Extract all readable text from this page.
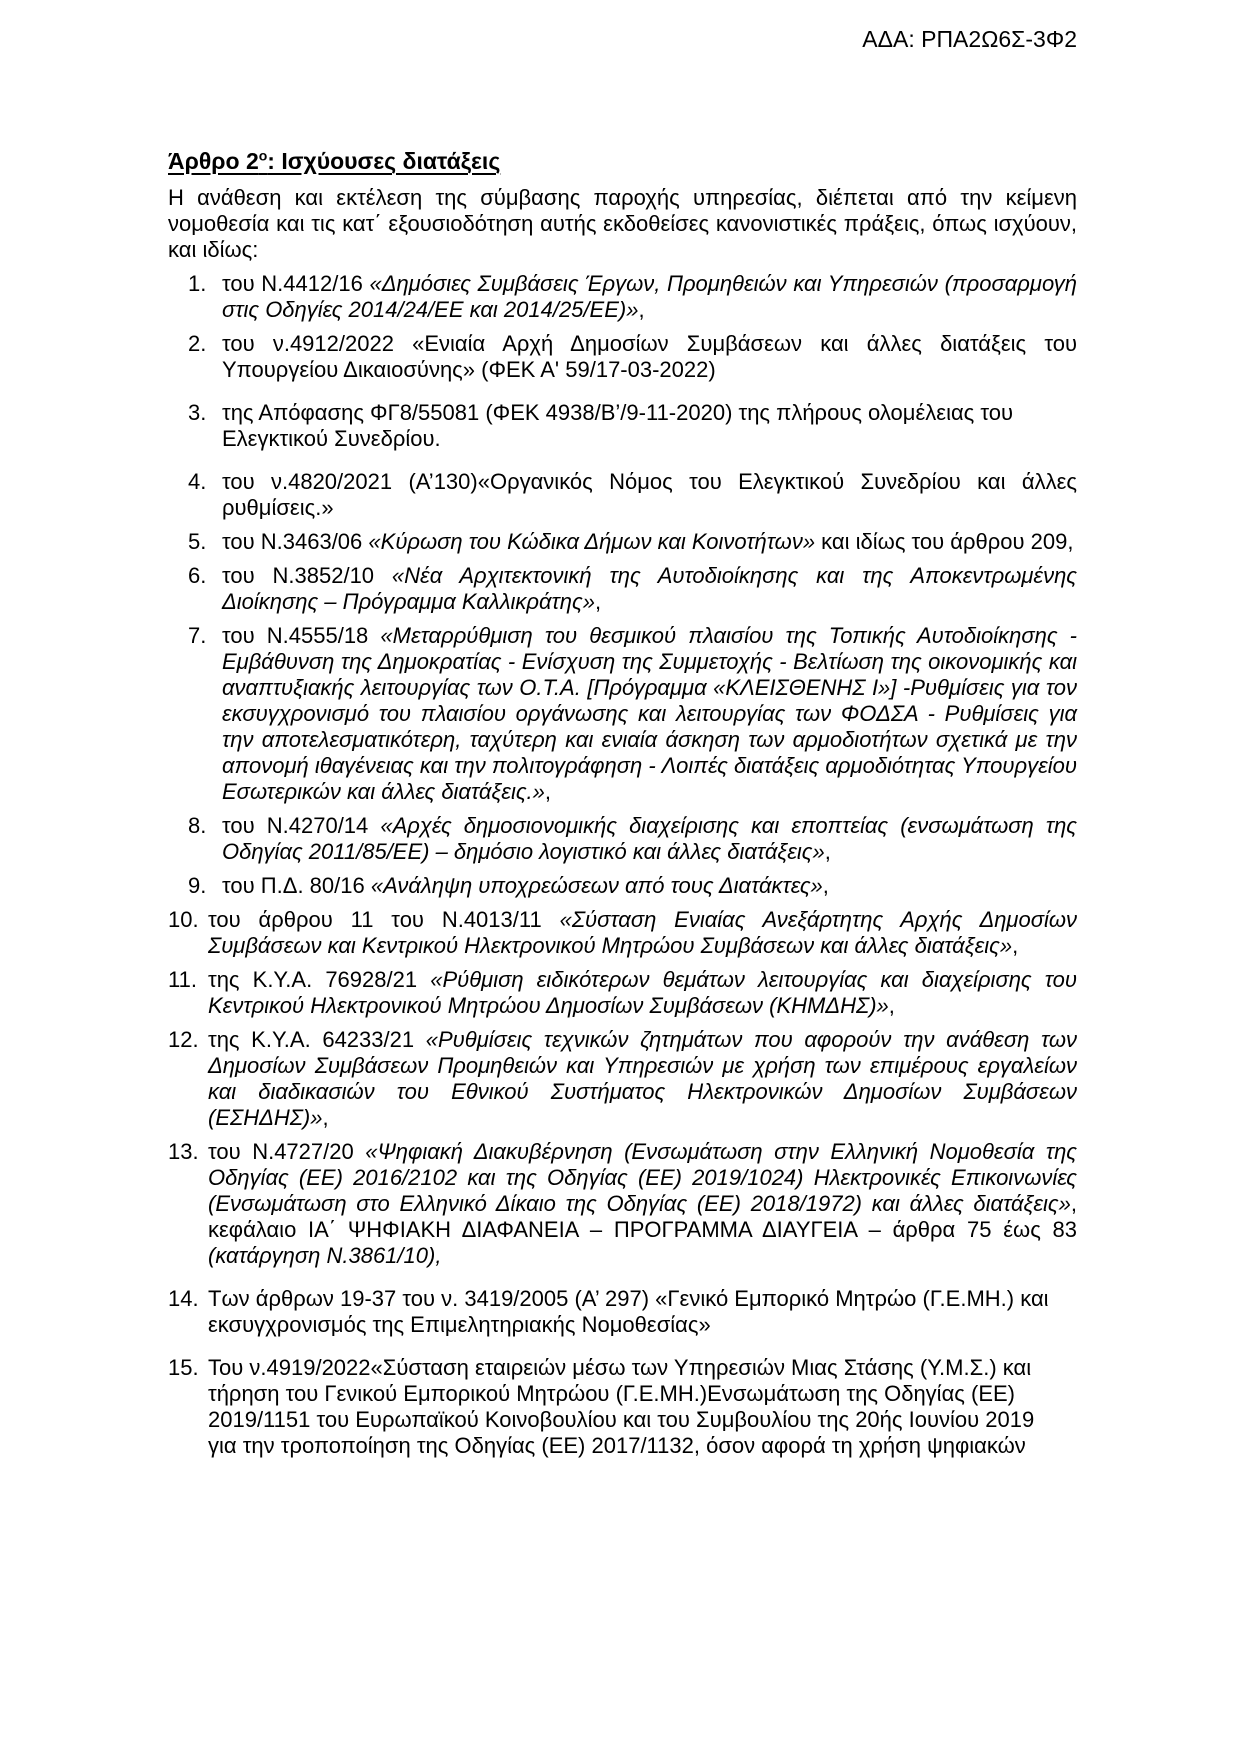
ΑΔΑ: ΡΠΑ2Ω6Σ-3Φ2
Άρθρο $2^o$: Ισχύουσες διατάξεις

Η ανάθεση και εκτέλεση της σύμβασης παροχής υπηρεσίας, διέπεται από την κείμενη νομοθεσία και τις κατ΄ εξουσιοδότηση αυτής εκδοθείσες κανονιστικές πράξεις, όπως ισχύουν, και ιδίως:

1. του Ν.4412/16 «Δημόσιες Συμβάσεις Έργων, Προμηθειών και Υπηρεσιών (προσαρμογή στις Οδηγίες 2014/24/ΕΕ και 2014/25/ΕΕ)»,
2. του ν.4912/2022 «Ενιαία Αρχή Δημοσίων Συμβάσεων και άλλες διατάξεις του Υπουργείου Δικαιοσύνης» (ΦΕΚ Α' 59/17-03-2022)
3. της Απόφασης ΦΓ8/55081 (ΦΕΚ 4938/Β’/9-11-2020) της πλήρους ολομέλειας του
Ελεγκτικού Συνεδρίου.
4. του ν.4820/2021 (Α’130)«Οργανικός Νόμος του Ελεγκτικού Συνεδρίου και άλλες ρυθμίσεις.»
5. του Ν.3463/06 «Κύρωση του Κώδικα Δήμων και Κοινοτήτων» και ιδίως του άρθρου 209,
6. του Ν.3852/10 «Νέα Αρχιτεκτονική της Αυτοδιοίκησης και της Αποκεντρωμένης Διοίκησης – Πρόγραμμα Καλλικράτης»,
7. του Ν.4555/18 «Μεταρρύθμιση του θεσμικού πλαισίου της Τοπικής Αυτοδιοίκησης - Εμβάθυνση της Δημοκρατίας - Ενίσχυση της Συμμετοχής - Βελτίωση της οικονομικής και αναπτυξιακής λειτουργίας των Ο.Τ.Α. [Πρόγραμμα «ΚΛΕΙΣΘΕΝΗΣ Ι»] -Ρυθμίσεις για τον εκσυγχρονισμό του πλαισίου οργάνωσης και λειτουργίας των ΦΟΔΣΑ - Ρυθμίσεις για την αποτελεσματικότερη, ταχύτερη και ενιαία άσκηση των αρμοδιοτήτων σχετικά με την απονομή ιθαγένειας και την πολιτογράφηση - Λοιπές διατάξεις αρμοδιότητας Υπουργείου Εσωτερικών και άλλες διατάξεις.»,
8. του Ν.4270/14 «Αρχές δημοσιονομικής διαχείρισης και εποπτείας (ενσωμάτωση της Οδηγίας 2011/85/ΕΕ) – δημόσιο λογιστικό και άλλες διατάξεις»,
9. του Π.Δ. 80/16 «Ανάληψη υποχρεώσεων από τους Διατάκτες»,
10. του άρθρου 11 του Ν.4013/11 «Σύσταση Ενιαίας Ανεξάρτητης Αρχής Δημοσίων Συμβάσεων και Κεντρικού Ηλεκτρονικού Μητρώου Συμβάσεων και άλλες διατάξεις»,
11. της Κ.Υ.Α. 76928/21 «Ρύθμιση ειδικότερων θεμάτων λειτουργίας και διαχείρισης του Κεντρικού Ηλεκτρονικού Μητρώου Δημοσίων Συμβάσεων (ΚΗΜΔΗΣ)»,
12. της Κ.Υ.Α. 64233/21 «Ρυθμίσεις τεχνικών ζητημάτων που αφορούν την ανάθεση των Δημοσίων Συμβάσεων Προμηθειών και Υπηρεσιών με χρήση των επιμέρους εργαλείων και διαδικασιών του Εθνικού Συστήματος Ηλεκτρονικών Δημοσίων Συμβάσεων (ΕΣΗΔΗΣ)»,
13. του Ν.4727/20 «Ψηφιακή Διακυβέρνηση (Ενσωμάτωση στην Ελληνική Νομοθεσία της Οδηγίας (ΕΕ) 2016/2102 και της Οδηγίας (ΕΕ) 2019/1024) Ηλεκτρονικές Επικοινωνίες (Ενσωμάτωση στο Ελληνικό Δίκαιο της Οδηγίας (ΕΕ) 2018/1972) και άλλες διατάξεις», κεφάλαιο ΙΑ΄ ΨΗΦΙΑΚΗ ΔΙΑΦΑΝΕΙΑ – ΠΡΟΓΡΑΜΜΑ ΔΙΑΥΓΕΙΑ – άρθρα 75 έως 83 (κατάργηση Ν.3861/10),
14. Των άρθρων 19-37 του ν. 3419/2005 (Α’ 297) «Γενικό Εμπορικό Μητρώο (Γ.Ε.ΜΗ.) και
εκσυγχρονισμός της Επιμελητηριακής Νομοθεσίας»
15. Του ν.4919/2022«Σύσταση εταιρειών μέσω των Υπηρεσιών Μιας Στάσης (Υ.Μ.Σ.) και
τήρηση του Γενικού Εμπορικού Μητρώου (Γ.Ε.ΜΗ.)Ενσωμάτωση της Οδηγίας (ΕΕ)
2019/1151 του Ευρωπαϊκού Κοινοβουλίου και του Συμβουλίου της 20ής Ιουνίου 2019
για την τροποποίηση της Οδηγίας (ΕΕ) 2017/1132, όσον αφορά τη χρήση ψηφιακών
